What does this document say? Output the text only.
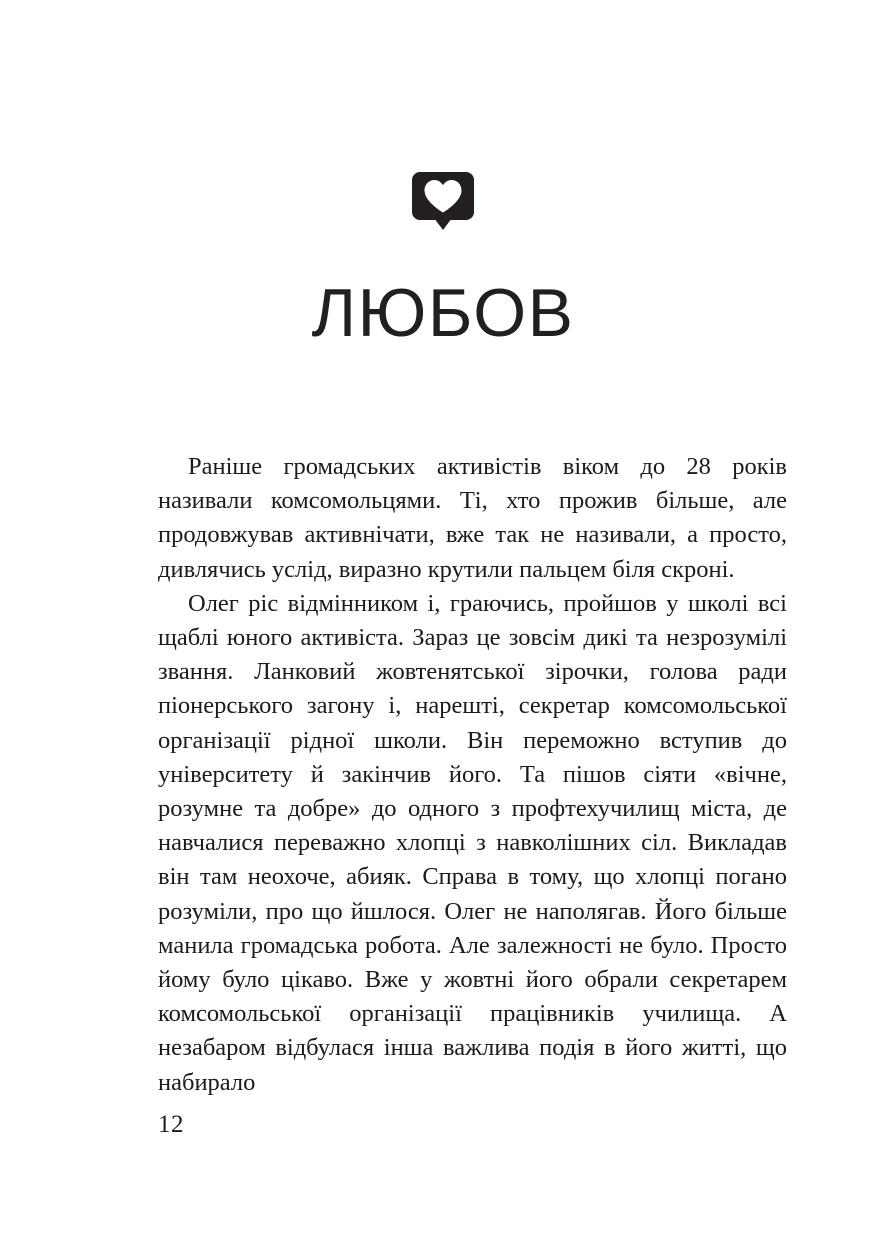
ЛЮБОВ

Раніше громадських активістів віком до 28 років називали комсомольцями. Ті, хто прожив більше, але продовжував активнічати, вже так не називали, а просто, дивлячись услід, виразно крутили пальцем біля скроні.

Олег ріс відмінником і, граючись, пройшов у школі всі щаблі юного активіста. Зараз це зовсім дикі та незрозумілі звання. Ланковий жовтенятської зірочки, голова ради піонерського загону і, нарешті, секретар комсомольської організації рідної школи. Він переможно вступив до університету й закінчив його. Та пішов сіяти «вічне, розумне та добре» до одного з профтехучилищ міста, де навчалися переважно хлопці з навколішних сіл. Викладав він там неохоче, абияк. Справа в тому, що хлопці погано розуміли, про що йшлося. Олег не наполягав. Його більше манила громадська робота. Але залежності не було. Просто йому було цікаво. Вже у жовтні його обрали секретарем комсомольської організації працівників училища. А незабаром відбулася інша важлива подія в його житті, що набирало

12
